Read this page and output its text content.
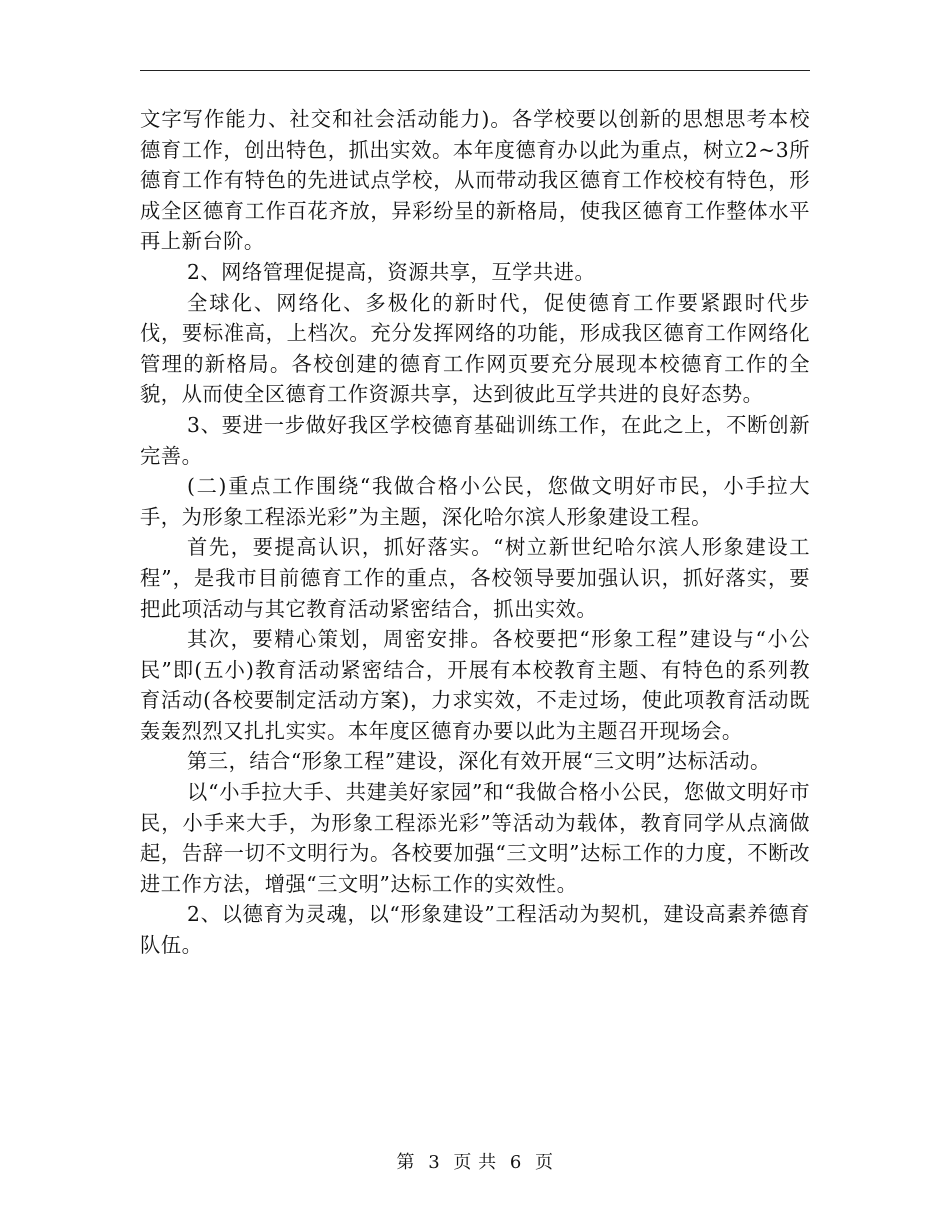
文字写作能力、社交和社会活动能力)。各学校要以创新的思想思考本校德育工作，创出特色，抓出实效。本年度德育办以此为重点，树立2~3所德育工作有特色的先进试点学校，从而带动我区德育工作校校有特色，形成全区德育工作百花齐放，异彩纷呈的新格局，使我区德育工作整体水平再上新台阶。

2、网络管理促提高，资源共享，互学共进。

全球化、网络化、多极化的新时代，促使德育工作要紧跟时代步伐，要标准高，上档次。充分发挥网络的功能，形成我区德育工作网络化管理的新格局。各校创建的德育工作网页要充分展现本校德育工作的全貌，从而使全区德育工作资源共享，达到彼此互学共进的良好态势。

3、要进一步做好我区学校德育基础训练工作，在此之上，不断创新完善。

(二)重点工作围绕“我做合格小公民，您做文明好市民，小手拉大手，为形象工程添光彩”为主题，深化哈尔滨人形象建设工程。

首先，要提高认识，抓好落实。“树立新世纪哈尔滨人形象建设工程”，是我市目前德育工作的重点，各校领导要加强认识，抓好落实，要把此项活动与其它教育活动紧密结合，抓出实效。

其次，要精心策划，周密安排。各校要把“形象工程”建设与“小公民”即(五小)教育活动紧密结合，开展有本校教育主题、有特色的系列教育活动(各校要制定活动方案)，力求实效，不走过场，使此项教育活动既轰轰烈烈又扎扎实实。本年度区德育办要以此为主题召开现场会。

第三，结合“形象工程”建设，深化有效开展“三文明”达标活动。

以“小手拉大手、共建美好家园”和“我做合格小公民，您做文明好市民，小手来大手，为形象工程添光彩”等活动为载体，教育同学从点滴做起，告辞一切不文明行为。各校要加强“三文明”达标工作的力度，不断改进工作方法，增强“三文明”达标工作的实效性。

2、以德育为灵魂，以“形象建设”工程活动为契机，建设高素养德育队伍。

第 3 页 共 6 页
